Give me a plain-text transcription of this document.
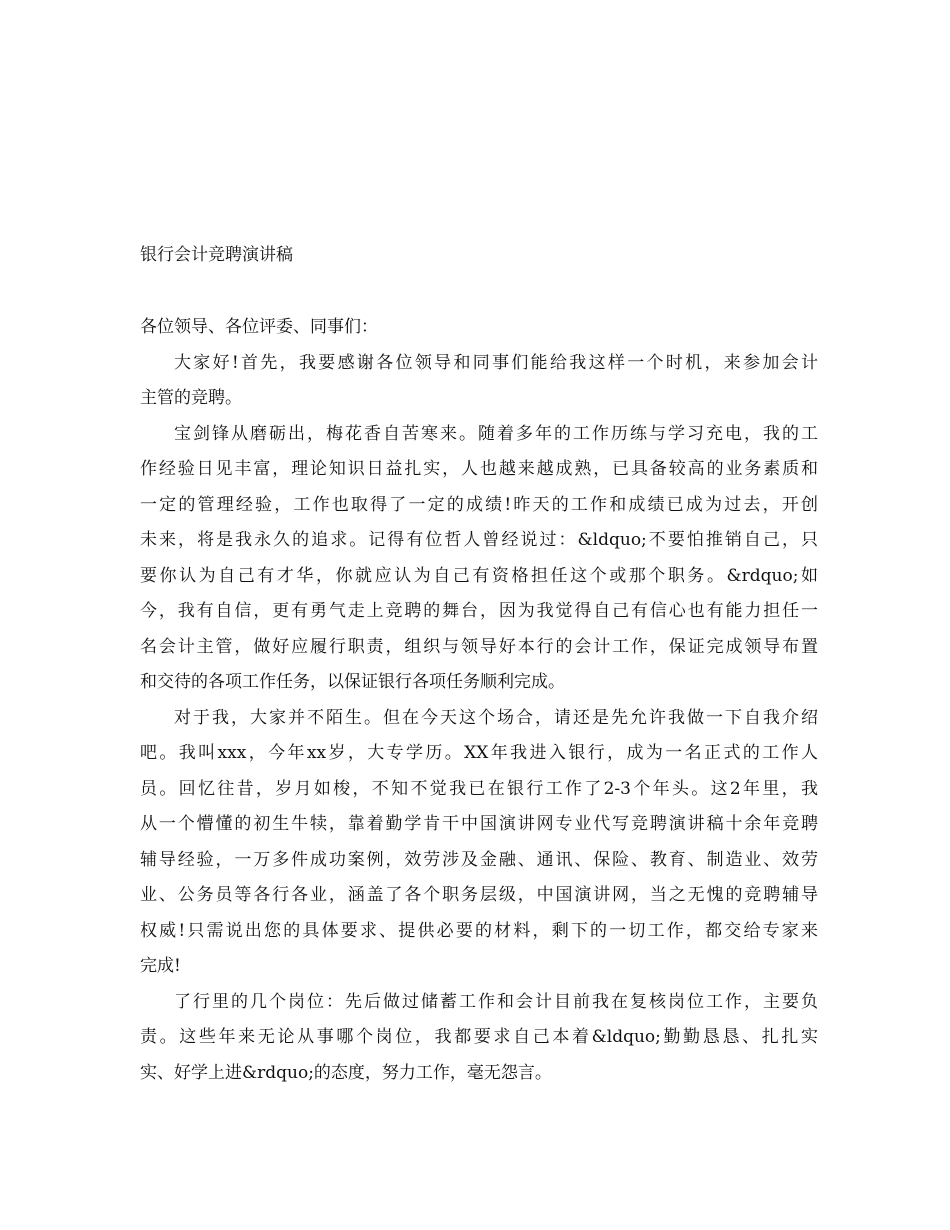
银行会计竞聘演讲稿
各位领导、各位评委、同事们：
大家好!首先，我要感谢各位领导和同事们能给我这样一个时机，来参加会计
主管的竞聘。
宝剑锋从磨砺出，梅花香自苦寒来。随着多年的工作历练与学习充电，我的工
作经验日见丰富，理论知识日益扎实，人也越来越成熟，已具备较高的业务素质和
一定的管理经验，工作也取得了一定的成绩!昨天的工作和成绩已成为过去，开创
未来，将是我永久的追求。记得有位哲人曾经说过：&ldquo;不要怕推销自己，只
要你认为自己有才华，你就应认为自己有资格担任这个或那个职务。&rdquo;如
今，我有自信，更有勇气走上竞聘的舞台，因为我觉得自己有信心也有能力担任一
名会计主管，做好应履行职责，组织与领导好本行的会计工作，保证完成领导布置
和交待的各项工作任务，以保证银行各项任务顺利完成。
对于我，大家并不陌生。但在今天这个场合，请还是先允许我做一下自我介绍
吧。我叫xxx，今年xx岁，大专学历。XX年我进入银行，成为一名正式的工作人
员。回忆往昔，岁月如梭，不知不觉我已在银行工作了2-3个年头。这2年里，我
从一个懵懂的初生牛犊，靠着勤学肯干中国演讲网专业代写竞聘演讲稿十余年竞聘
辅导经验，一万多件成功案例，效劳涉及金融、通讯、保险、教育、制造业、效劳
业、公务员等各行各业，涵盖了各个职务层级，中国演讲网，当之无愧的竞聘辅导
权威!只需说出您的具体要求、提供必要的材料，剩下的一切工作，都交给专家来
完成!
了行里的几个岗位：先后做过储蓄工作和会计目前我在复核岗位工作，主要负
责。这些年来无论从事哪个岗位，我都要求自己本着&ldquo;勤勤恳恳、扎扎实
实、好学上进&rdquo;的态度，努力工作，毫无怨言。
